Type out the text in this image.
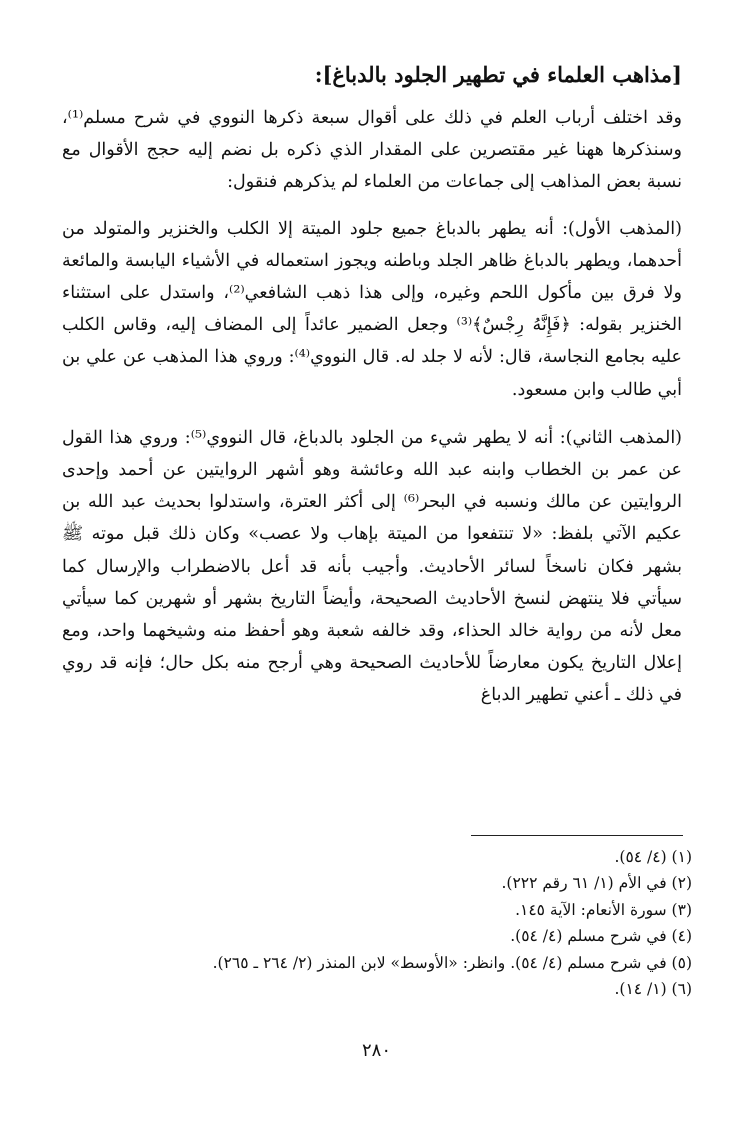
[مذاهب العلماء في تطهير الجلود بالدباغ]:

وقد اختلف أرباب العلم في ذلك على أقوال سبعة ذكرها النووي في شرح مسلم⁽¹⁾، وسنذكرها ههنا غير مقتصرين على المقدار الذي ذكره بل نضم إليه حجج الأقوال مع نسبة بعض المذاهب إلى جماعات من العلماء لم يذكرهم فنقول:

(المذهب الأول): أنه يطهر بالدباغ جميع جلود الميتة إلا الكلب والخنزير والمتولد من أحدهما، ويطهر بالدباغ ظاهر الجلد وباطنه ويجوز استعماله في الأشياء اليابسة والمائعة ولا فرق بين مأكول اللحم وغيره، وإلى هذا ذهب الشافعي⁽²⁾، واستدل على استثناء الخنزير بقوله: ﴿فَإِنَّهُ رِجْسٌ﴾⁽³⁾ وجعل الضمير عائداً إلى المضاف إليه، وقاس الكلب عليه بجامع النجاسة، قال: لأنه لا جلد له. قال النووي⁽⁴⁾: وروي هذا المذهب عن علي بن أبي طالب وابن مسعود.

(المذهب الثاني): أنه لا يطهر شيء من الجلود بالدباغ، قال النووي⁽⁵⁾: وروي هذا القول عن عمر بن الخطاب وابنه عبد الله وعائشة وهو أشهر الروايتين عن أحمد وإحدى الروايتين عن مالك ونسبه في البحر⁽⁶⁾ إلى أكثر العترة، واستدلوا بحديث عبد الله بن عكيم الآتي بلفظ: «لا تنتفعوا من الميتة بإهاب ولا عصب» وكان ذلك قبل موته ﷺ بشهر فكان ناسخاً لسائر الأحاديث. وأجيب بأنه قد أعل بالاضطراب والإرسال كما سيأتي فلا ينتهض لنسخ الأحاديث الصحيحة، وأيضاً التاريخ بشهر أو شهرين كما سيأتي معل لأنه من رواية خالد الحذاء، وقد خالفه شعبة وهو أحفظ منه وشيخهما واحد، ومع إعلال التاريخ يكون معارضاً للأحاديث الصحيحة وهي أرجح منه بكل حال؛ فإنه قد روي في ذلك ـ أعني تطهير الدباغ

(١) (٤/ ٥٤).
(٢) في الأم (١/ ٦١ رقم ٢٢٢).
(٣) سورة الأنعام: الآية ١٤٥.
(٤) في شرح مسلم (٤/ ٥٤).
(٥) في شرح مسلم (٤/ ٥٤). وانظر: «الأوسط» لابن المنذر (٢/ ٢٦٤ ـ ٢٦٥).
(٦) (١/ ١٤).
٢٨٠
